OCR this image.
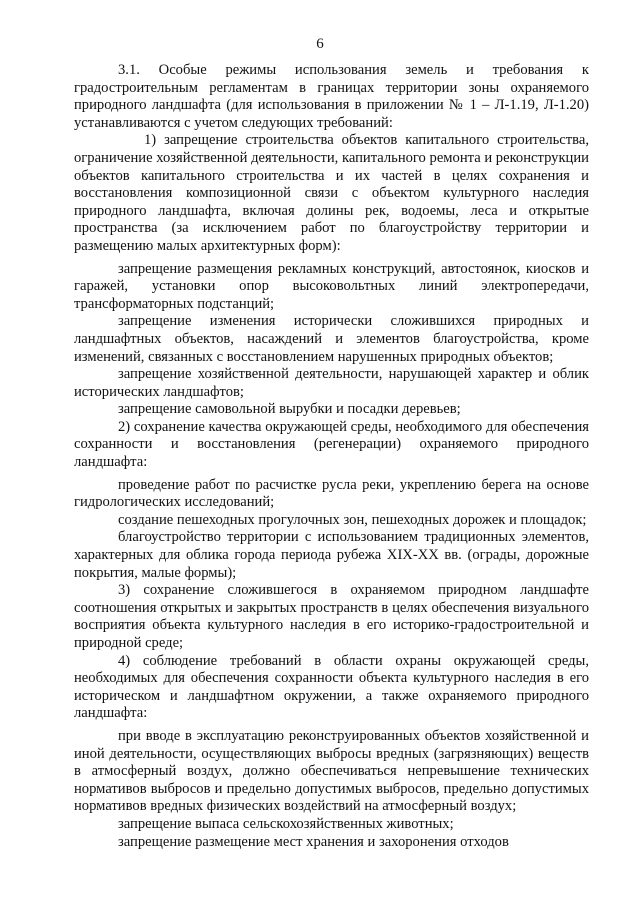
6

3.1. Особые режимы использования земель и требования к градостроительным регламентам в границах территории зоны охраняемого природного ландшафта (для использования в приложении № 1 – Л-1.19, Л-1.20) устанавливаются с учетом следующих требований:

1) запрещение строительства объектов капитального строительства, ограничение хозяйственной деятельности, капитального ремонта и реконструкции объектов капитального строительства и их частей в целях сохранения и восстановления композиционной связи с объектом культурного наследия природного ландшафта, включая долины рек, водоемы, леса и открытые пространства (за исключением работ по благоустройству территории и размещению малых архитектурных форм):

запрещение размещения рекламных конструкций, автостоянок, киосков и гаражей, установки опор высоковольтных линий электропередачи, трансформаторных подстанций;

запрещение изменения исторически сложившихся природных и ландшафтных объектов, насаждений и элементов благоустройства, кроме изменений, связанных с восстановлением нарушенных природных объектов;

запрещение хозяйственной деятельности, нарушающей характер и облик исторических ландшафтов;

запрещение самовольной вырубки и посадки деревьев;

2) сохранение качества окружающей среды, необходимого для обеспечения сохранности и восстановления (регенерации) охраняемого природного ландшафта:

проведение работ по расчистке русла реки, укреплению берега на основе гидрологических исследований;

создание пешеходных прогулочных зон, пешеходных дорожек и площадок;

благоустройство территории с использованием традиционных элементов, характерных для облика города периода рубежа XIX-XX вв. (ограды, дорожные покрытия, малые формы);

3) сохранение сложившегося в охраняемом природном ландшафте соотношения открытых и закрытых пространств в целях обеспечения визуального восприятия объекта культурного наследия в его историко-градостроительной и природной среде;

4) соблюдение требований в области охраны окружающей среды, необходимых для обеспечения сохранности объекта культурного наследия в его историческом и ландшафтном окружении, а также охраняемого природного ландшафта:

при вводе в эксплуатацию реконструированных объектов хозяйственной и иной деятельности, осуществляющих выбросы вредных (загрязняющих) веществ в атмосферный воздух, должно обеспечиваться непревышение технических нормативов выбросов и предельно допустимых выбросов, предельно допустимых нормативов вредных физических воздействий на атмосферный воздух;

запрещение выпаса сельскохозяйственных животных;

запрещение размещение мест хранения и захоронения отходов
